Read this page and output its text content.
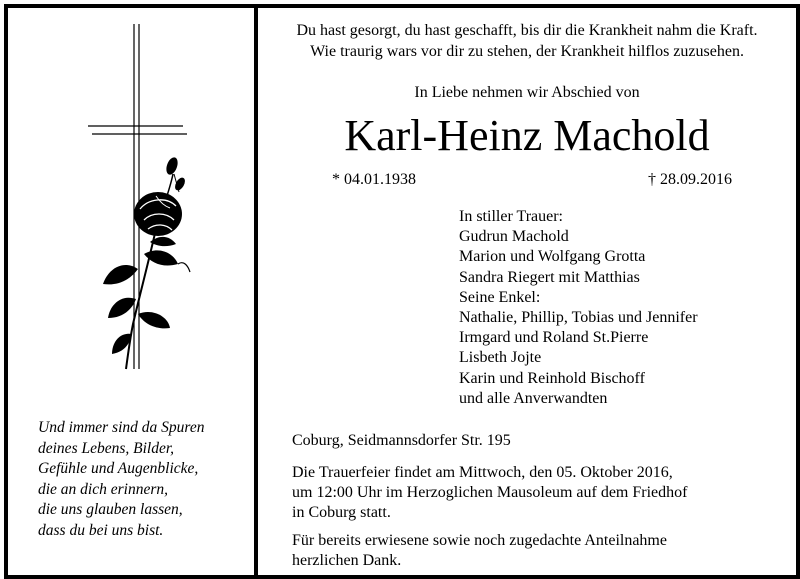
Und immer sind da Spuren
deines Lebens, Bilder,
Gefühle und Augenblicke,
die an dich erinnern,
die uns glauben lassen,
dass du bei uns bist.
Du hast gesorgt, du hast geschafft, bis dir die Krankheit nahm die Kraft.
Wie traurig wars vor dir zu stehen, der Krankheit hilflos zuzusehen.
In Liebe nehmen wir Abschied von
Karl-Heinz Machold
* 04.01.1938	† 28.09.2016
In stiller Trauer:
Gudrun Machold
Marion und Wolfgang Grotta
Sandra Riegert mit Matthias
Seine Enkel:
Nathalie, Phillip, Tobias und Jennifer
Irmgard und Roland St.Pierre
Lisbeth Jojte
Karin und Reinhold Bischoff
und alle Anverwandten
Coburg, Seidmannsdorfer Str. 195
Die Trauerfeier findet am Mittwoch, den 05. Oktober 2016,
um 12:00 Uhr im Herzoglichen Mausoleum auf dem Friedhof
in Coburg statt.
Für bereits erwiesene sowie noch zugedachte Anteilnahme
herzlichen Dank.
